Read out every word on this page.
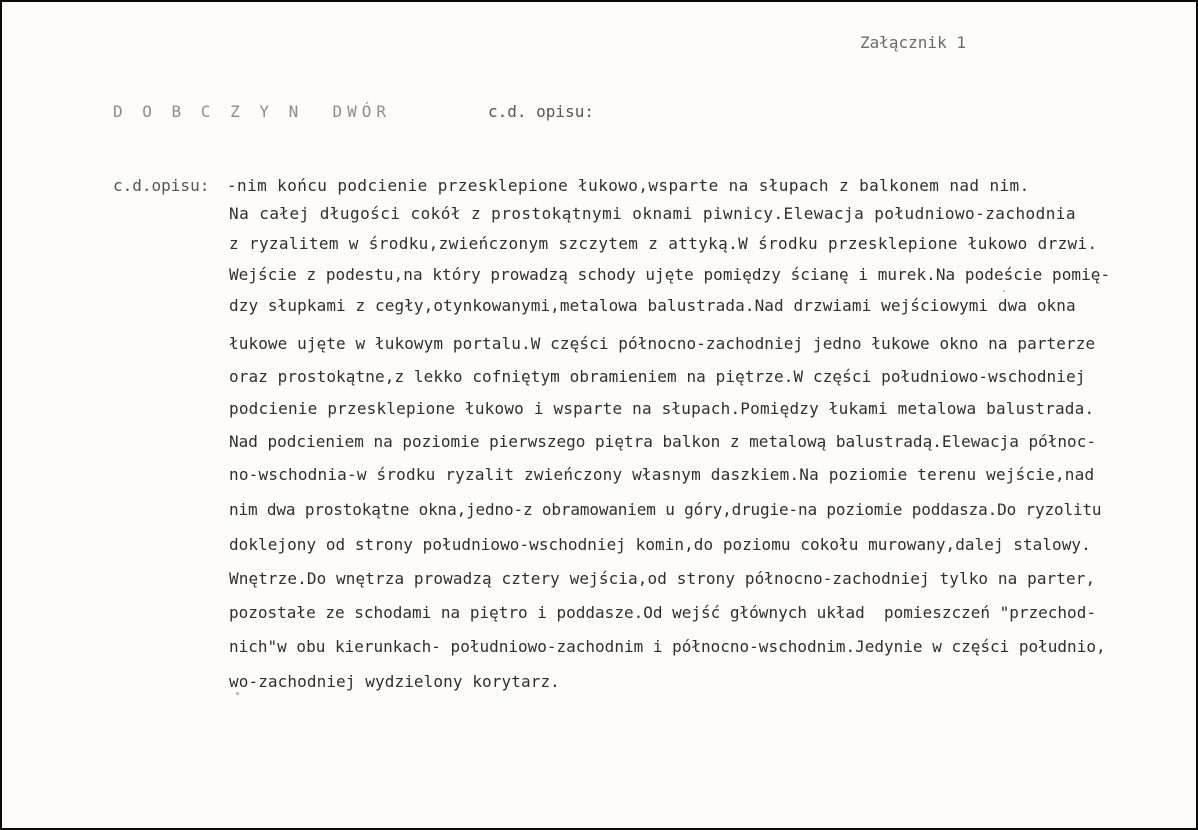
Załącznik 1
D O B C Z Y N  DWÓR	c.d. opisu:
c.d.opisu: -nim końcu podcienie przesklepione łukowo,wsparte na słupach z balkonem nad nim.
Na całej długości cokół z prostokątnymi oknami piwnicy.Elewacja południowo-zachodnia
z ryzalitem w środku,zwieńczonym szczytem z attyką.W środku przesklepione łukowo drzwi.
Wejście z podestu,na który prowadzą schody ujęte pomiędzy ścianę i murek.Na podeście pomię-
dzy słupkami z cegły,otynkowanymi,metalowa balustrada.Nad drzwiami wejściowymi dwa okna
łukowe ujęte w łukowym portalu.W części północno-zachodniej jedno łukowe okno na parterze
oraz prostokątne,z lekko cofniętym obramieniem na piętrze.W części południowo-wschodniej
podcienie przesklepione łukowo i wsparte na słupach.Pomiędzy łukami metalowa balustrada.
Nad podcieniem na poziomie pierwszego piętra balkon z metalową balustradą.Elewacja północ-
no-wschodnia-w środku ryzalit zwieńczony własnym daszkiem.Na poziomie terenu wejście,nad
nim dwa prostokątne okna,jedno-z obramowaniem u góry,drugie-na poziomie poddasza.Do ryzolitu
doklejony od strony południowo-wschodniej komin,do poziomu cokołu murowany,dalej stalowy.
Wnętrze.Do wnętrza prowadzą cztery wejścia,od strony północno-zachodniej tylko na parter,
pozostałe ze schodami na piętro i poddasze.Od wejść głównych układ  pomieszczeń "przechod-
nich"w obu kierunkach- południowo-zachodnim i północno-wschodnim.Jedynie w części południo,
wo-zachodniej wydzielony korytarz.
